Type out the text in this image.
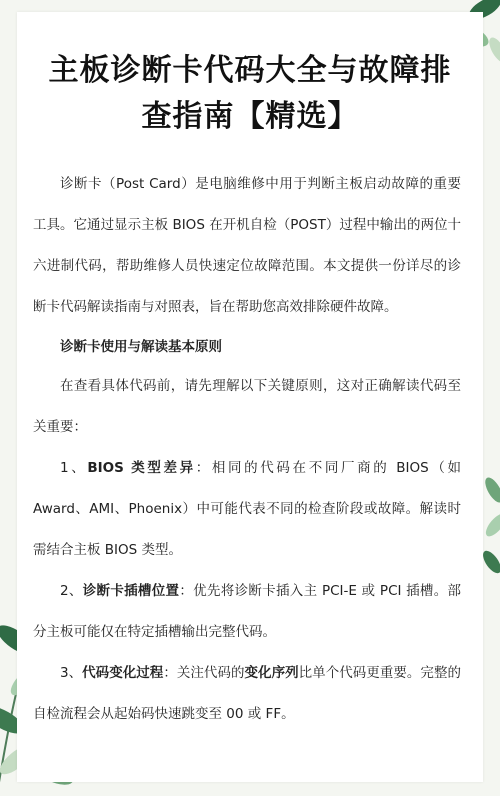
主板诊断卡代码大全与故障排查指南【精选】

诊断卡（Post Card）是电脑维修中用于判断主板启动故障的重要工具。它通过显示主板 BIOS 在开机自检（POST）过程中输出的两位十六进制代码，帮助维修人员快速定位故障范围。本文提供一份详尽的诊断卡代码解读指南与对照表，旨在帮助您高效排除硬件故障。

诊断卡使用与解读基本原则

在查看具体代码前，请先理解以下关键原则，这对正确解读代码至关重要：

1、BIOS 类型差异：相同的代码在不同厂商的 BIOS（如 Award、AMI、Phoenix）中可能代表不同的检查阶段或故障。解读时需结合主板 BIOS 类型。

2、诊断卡插槽位置：优先将诊断卡插入主 PCI-E 或 PCI 插槽。部分主板可能仅在特定插槽输出完整代码。

3、代码变化过程：关注代码的变化序列比单个代码更重要。完整的自检流程会从起始码快速跳变至 00 或 FF。
